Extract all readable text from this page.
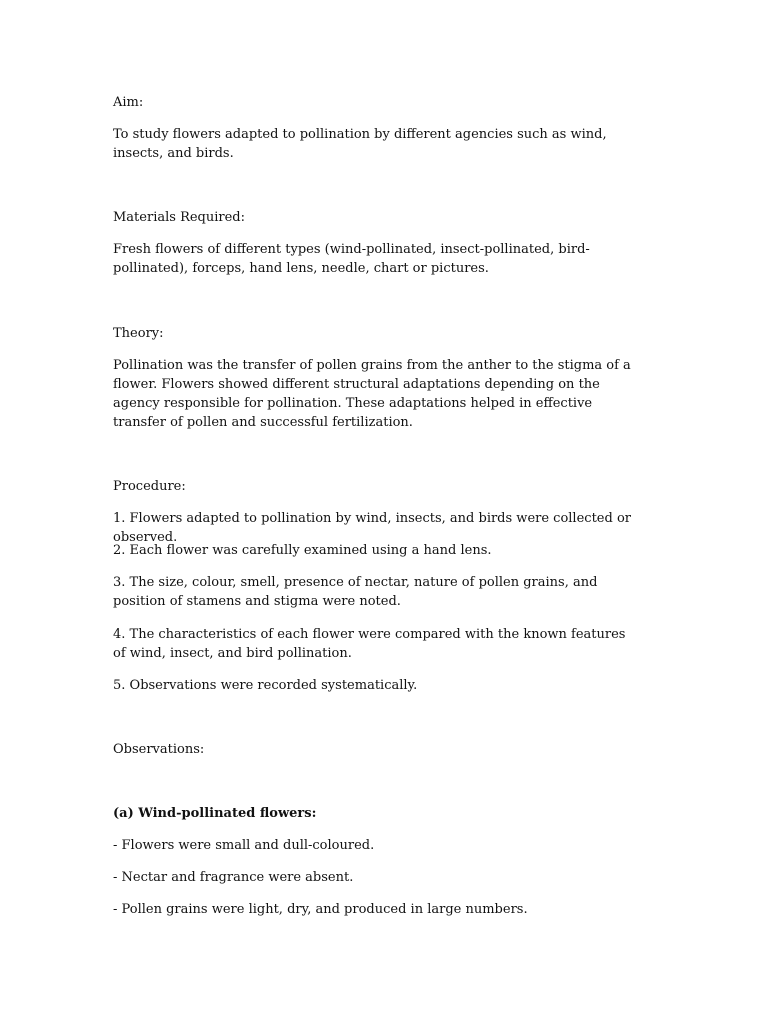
Aim:

To study flowers adapted to pollination by different agencies such as wind, insects, and birds.

Materials Required:

Fresh flowers of different types (wind-pollinated, insect-pollinated, bird-pollinated), forceps, hand lens, needle, chart or pictures.

Theory:

Pollination was the transfer of pollen grains from the anther to the stigma of a flower. Flowers showed different structural adaptations depending on the agency responsible for pollination. These adaptations helped in effective transfer of pollen and successful fertilization.

Procedure:

1. Flowers adapted to pollination by wind, insects, and birds were collected or observed.

2. Each flower was carefully examined using a hand lens.

3. The size, colour, smell, presence of nectar, nature of pollen grains, and position of stamens and stigma were noted.

4. The characteristics of each flower were compared with the known features of wind, insect, and bird pollination.

5. Observations were recorded systematically.

Observations:
(a) Wind-pollinated flowers:
- Flowers were small and dull-coloured.
- Nectar and fragrance were absent.
- Pollen grains were light, dry, and produced in large numbers.
